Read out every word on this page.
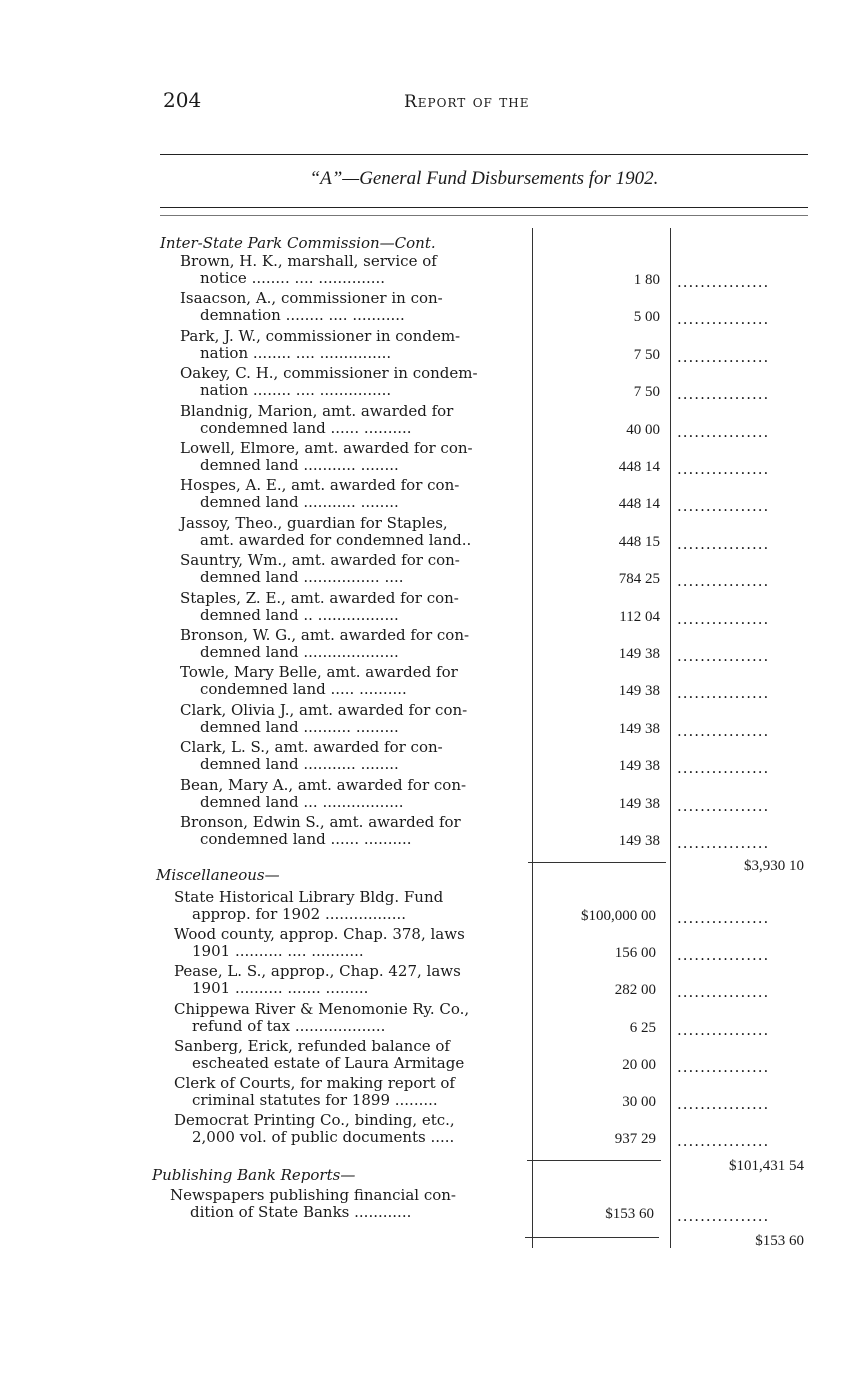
204	Report of the
“A”—General Fund Disbursements for 1902.
Inter-State Park Commission—Cont.
Brown, H. K., marshall, service of
notice ........ .... ..............	1 80 ................
Isaacson, A., commissioner in con-
demnation ........ .... ...........	5 00 ................
Park, J. W., commissioner in condem-
nation ........ .... ...............	7 50 ................
Oakey, C. H., commissioner in condem-
nation ........ .... ...............	7 50 ................
Blandnig, Marion, amt. awarded for
condemned land ...... ..........	40 00 ................
Lowell, Elmore, amt. awarded for con-
demned land ........... ........	448 14 ................
Hospes, A. E., amt. awarded for con-
demned land ........... ........	448 14 ................
Jassoy, Theo., guardian for Staples,
amt. awarded for condemned land..	448 15 ................
Sauntry, Wm., amt. awarded for con-
demned land ................ ....	784 25 ................
Staples, Z. E., amt. awarded for con-
demned land .. .................	112 04 ................
Bronson, W. G., amt. awarded for con-
demned land ....................	149 38 ................
Towle, Mary Belle, amt. awarded for
condemned land ..... ..........	149 38 ................
Clark, Olivia J., amt. awarded for con-
demned land .......... .........	149 38 ................
Clark, L. S., amt. awarded for con-
demned land ........... ........	149 38 ................
Bean, Mary A., amt. awarded for con-
demned land ... .................	149 38 ................
Bronson, Edwin S., amt. awarded for
condemned land ...... ..........	149 38 ................
$3,930 10
Miscellaneous—
State Historical Library Bldg. Fund
approp. for 1902 .................	$100,000 00 ................
Wood county, approp. Chap. 378, laws
1901 .......... .... ...........	156 00 ................
Pease, L. S., approp., Chap. 427, laws
1901 .......... ....... .........	282 00 ................
Chippewa River & Menomonie Ry. Co.,
refund of tax ...................	6 25 ................
Sanberg, Erick, refunded balance of
escheated estate of Laura Armitage	20 00 ................
Clerk of Courts, for making report of
criminal statutes for 1899 .........	30 00 ................
Democrat Printing Co., binding, etc.,
2,000 vol. of public documents .....	937 29 ................
$101,431 54
Publishing Bank Reports—
Newspapers publishing financial con-
dition of State Banks ............	$153 60 ................
$153 60
